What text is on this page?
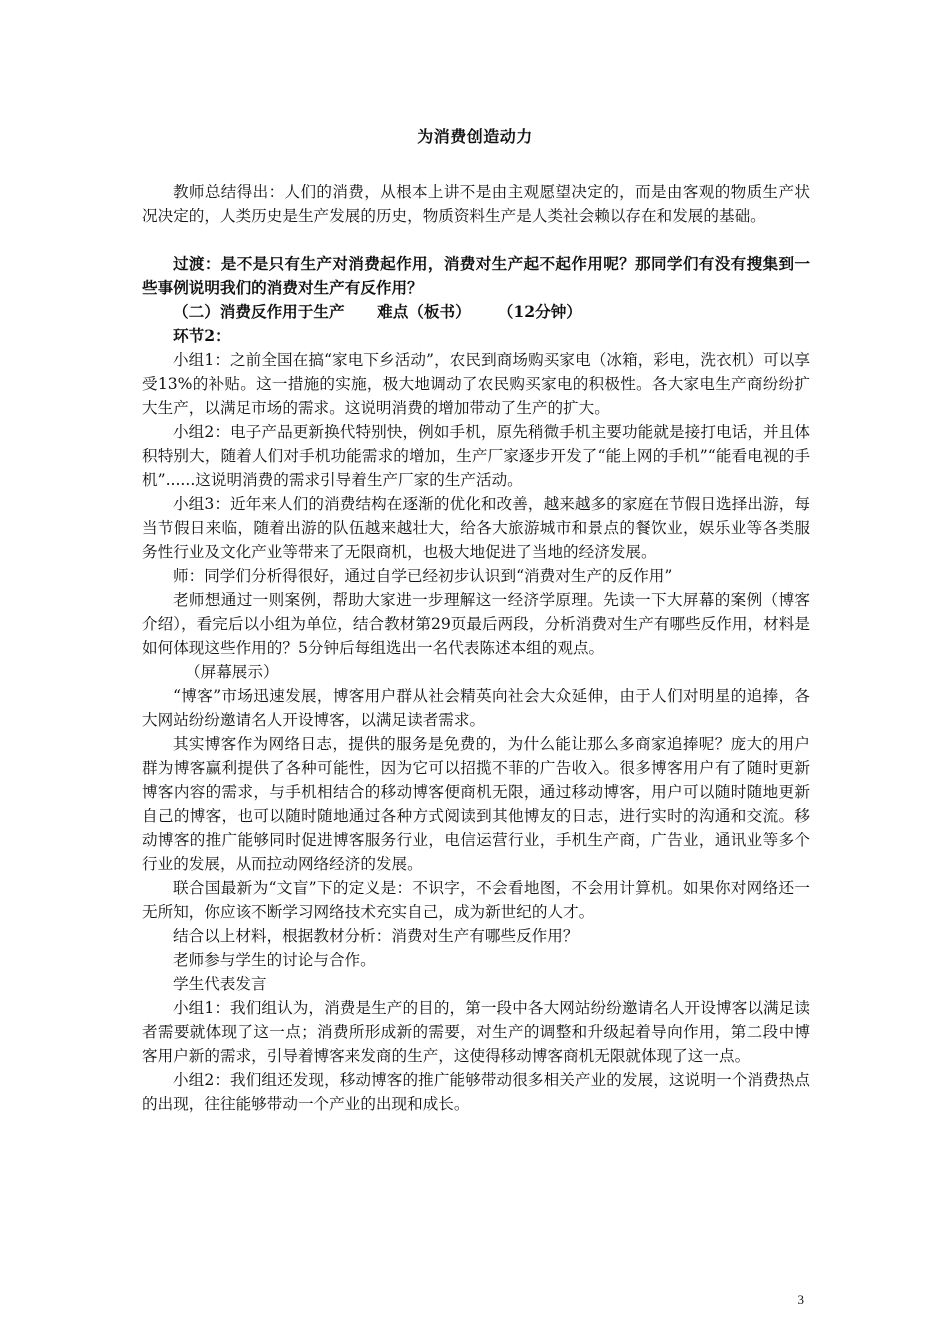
为消费创造动力

教师总结得出：人们的消费，从根本上讲不是由主观愿望决定的，而是由客观的物质生产状况决定的，人类历史是生产发展的历史，物质资料生产是人类社会赖以存在和发展的基础。

过渡：是不是只有生产对消费起作用，消费对生产起不起作用呢？那同学们有没有搜集到一些事例说明我们的消费对生产有反作用？

（二）消费反作用于生产      难点（板书）     （12分钟）

环节2：

小组1：之前全国在搞“家电下乡活动”，农民到商场购买家电（冰箱，彩电，洗衣机）可以享受13%的补贴。这一措施的实施，极大地调动了农民购买家电的积极性。各大家电生产商纷纷扩大生产，以满足市场的需求。这说明消费的增加带动了生产的扩大。

小组2：电子产品更新换代特别快，例如手机，原先稍微手机主要功能就是接打电话，并且体积特别大，随着人们对手机功能需求的增加，生产厂家逐步开发了“能上网的手机”“能看电视的手机”......这说明消费的需求引导着生产厂家的生产活动。

小组3：近年来人们的消费结构在逐渐的优化和改善，越来越多的家庭在节假日选择出游，每当节假日来临，随着出游的队伍越来越壮大，给各大旅游城市和景点的餐饮业，娱乐业等各类服务性行业及文化产业等带来了无限商机，也极大地促进了当地的经济发展。

师：同学们分析得很好，通过自学已经初步认识到“消费对生产的反作用”

老师想通过一则案例，帮助大家进一步理解这一经济学原理。先读一下大屏幕的案例（博客介绍），看完后以小组为单位，结合教材第29页最后两段，分析消费对生产有哪些反作用，材料是如何体现这些作用的？5分钟后每组选出一名代表陈述本组的观点。

（屏幕展示）

“博客”市场迅速发展，博客用户群从社会精英向社会大众延伸，由于人们对明星的追捧，各大网站纷纷邀请名人开设博客，以满足读者需求。

其实博客作为网络日志，提供的服务是免费的，为什么能让那么多商家追捧呢？庞大的用户群为博客赢利提供了各种可能性，因为它可以招揽不菲的广告收入。很多博客用户有了随时更新博客内容的需求，与手机相结合的移动博客便商机无限，通过移动博客，用户可以随时随地更新自己的博客，也可以随时随地通过各种方式阅读到其他博友的日志，进行实时的沟通和交流。移动博客的推广能够同时促进博客服务行业，电信运营行业，手机生产商，广告业，通讯业等多个行业的发展，从而拉动网络经济的发展。

联合国最新为“文盲”下的定义是：不识字，不会看地图，不会用计算机。如果你对网络还一无所知，你应该不断学习网络技术充实自己，成为新世纪的人才。

结合以上材料，根据教材分析：消费对生产有哪些反作用？

老师参与学生的讨论与合作。

学生代表发言

小组1：我们组认为，消费是生产的目的，第一段中各大网站纷纷邀请名人开设博客以满足读者需要就体现了这一点；消费所形成新的需要，对生产的调整和升级起着导向作用，第二段中博客用户新的需求，引导着博客来发商的生产，这使得移动博客商机无限就体现了这一点。

小组2：我们组还发现，移动博客的推广能够带动很多相关产业的发展，这说明一个消费热点的出现，往往能够带动一个产业的出现和成长。

3
